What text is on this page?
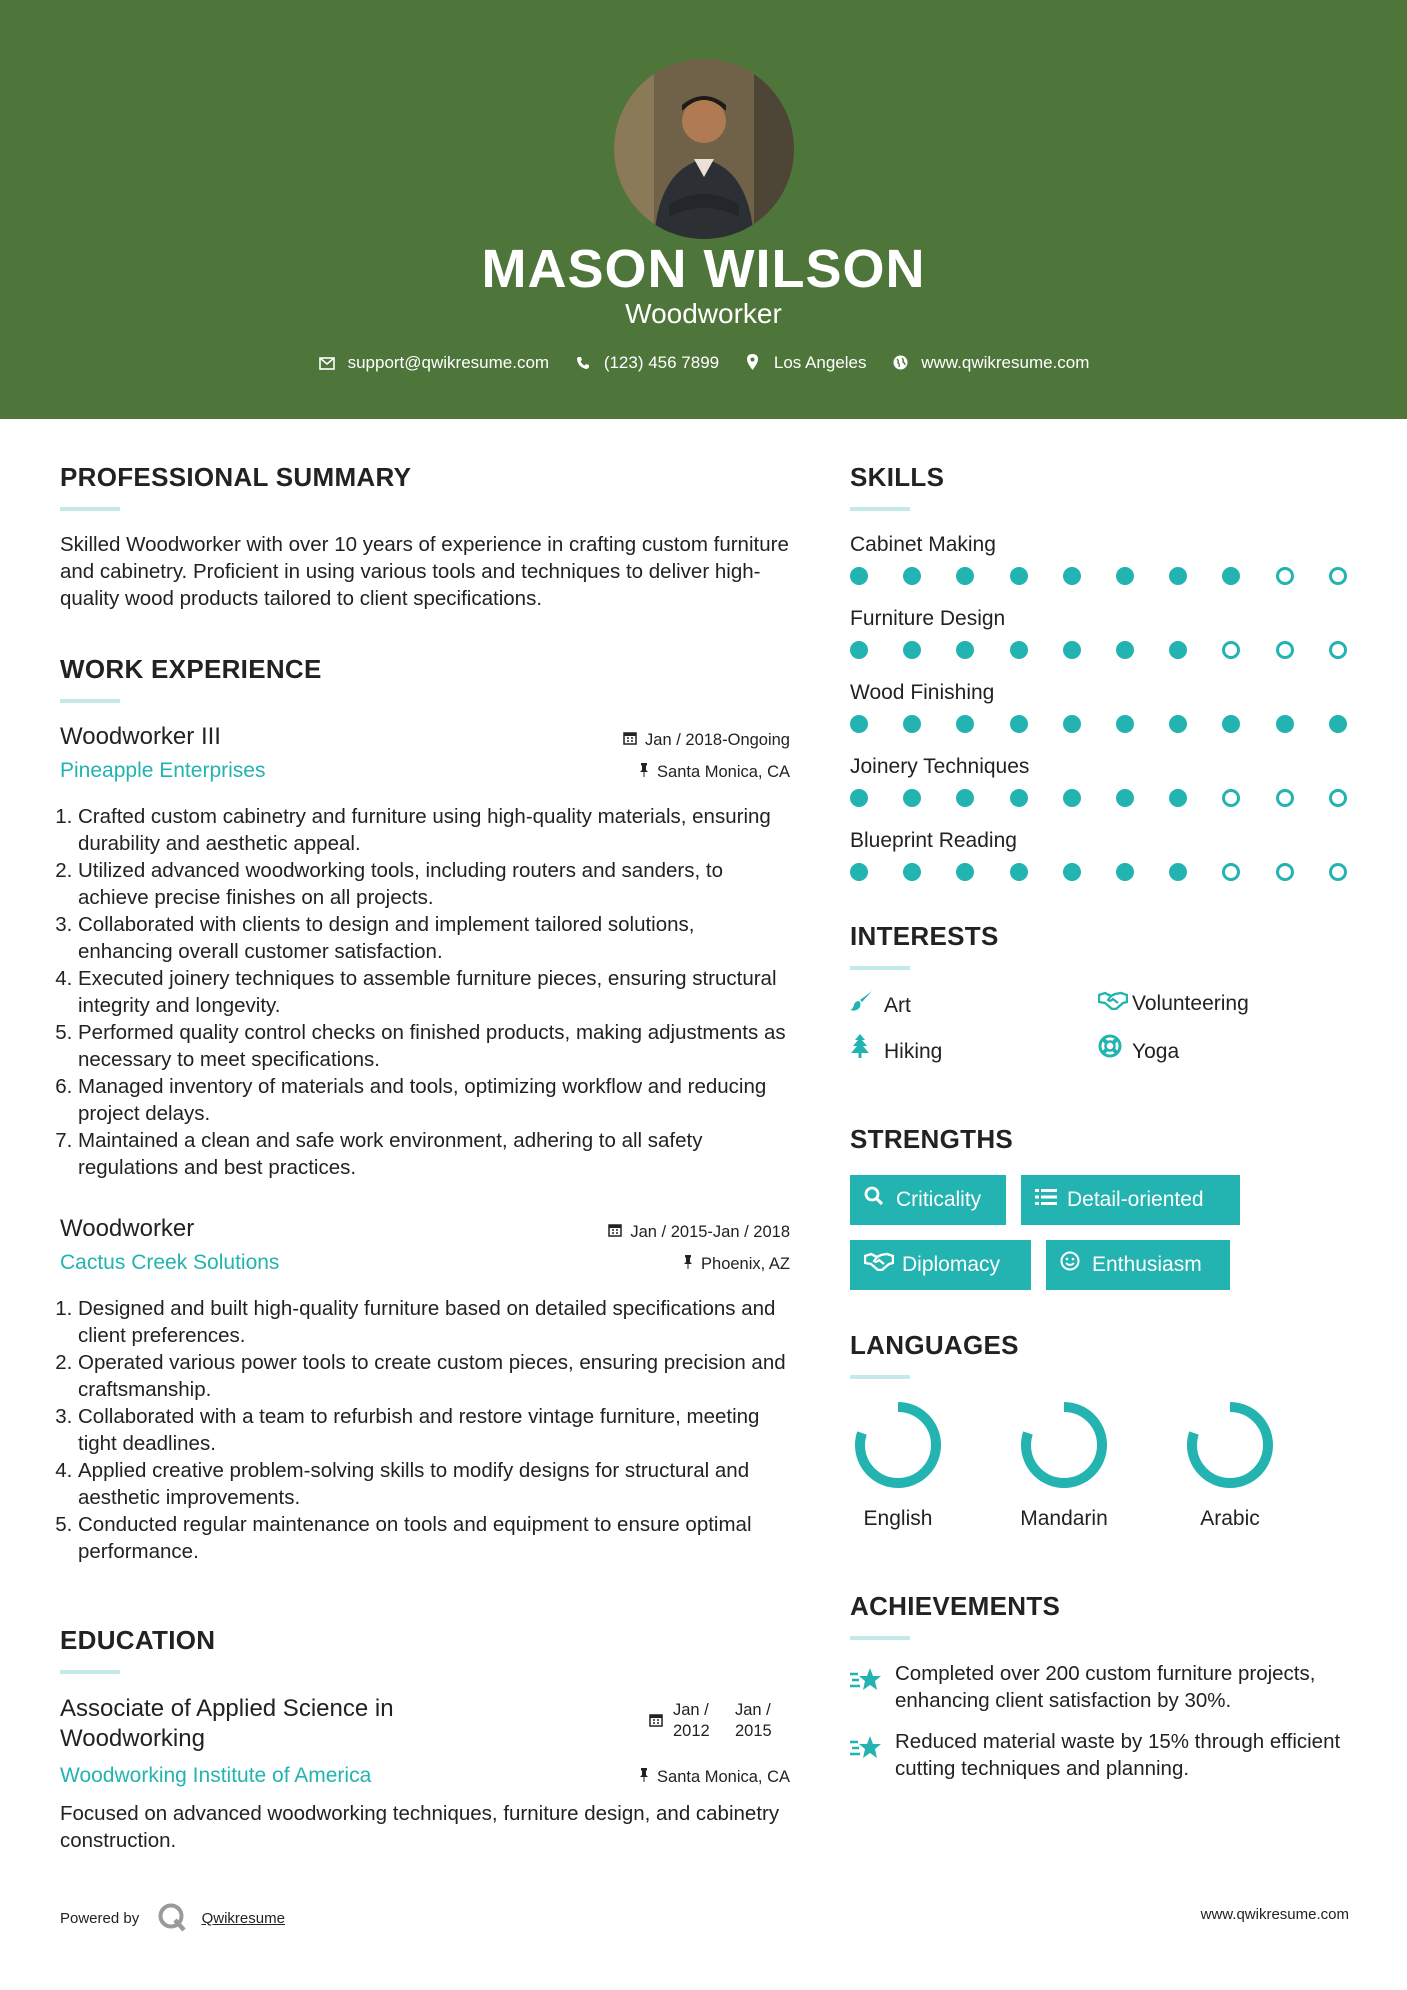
MASON WILSON
Woodworker
support@qwikresume.com	(123) 456 7899	Los Angeles	www.qwikresume.com
PROFESSIONAL SUMMARY
Skilled Woodworker with over 10 years of experience in crafting custom furniture and cabinetry. Proficient in using various tools and techniques to deliver high-quality wood products tailored to client specifications.
WORK EXPERIENCE
Woodworker III	Jan / 2018-Ongoing
Pineapple Enterprises	Santa Monica, CA
1. Crafted custom cabinetry and furniture using high-quality materials, ensuring durability and aesthetic appeal.
2. Utilized advanced woodworking tools, including routers and sanders, to achieve precise finishes on all projects.
3. Collaborated with clients to design and implement tailored solutions, enhancing overall customer satisfaction.
4. Executed joinery techniques to assemble furniture pieces, ensuring structural integrity and longevity.
5. Performed quality control checks on finished products, making adjustments as necessary to meet specifications.
6. Managed inventory of materials and tools, optimizing workflow and reducing project delays.
7. Maintained a clean and safe work environment, adhering to all safety regulations and best practices.
Woodworker	Jan / 2015-Jan / 2018
Cactus Creek Solutions	Phoenix, AZ
1. Designed and built high-quality furniture based on detailed specifications and client preferences.
2. Operated various power tools to create custom pieces, ensuring precision and craftsmanship.
3. Collaborated with a team to refurbish and restore vintage furniture, meeting tight deadlines.
4. Applied creative problem-solving skills to modify designs for structural and aesthetic improvements.
5. Conducted regular maintenance on tools and equipment to ensure optimal performance.
EDUCATION
Associate of Applied Science in
Woodworking
Jan /
2012
Jan /
2015
Woodworking Institute of America	Santa Monica, CA
Focused on advanced woodworking techniques, furniture design, and cabinetry construction.
SKILLS
Cabinet Making
Furniture Design
Wood Finishing
Joinery Techniques
Blueprint Reading
INTERESTS
Art	Volunteering
Hiking	Yoga
STRENGTHS
Criticality	Detail-oriented
Diplomacy	Enthusiasm
LANGUAGES
English	Mandarin	Arabic
ACHIEVEMENTS
Completed over 200 custom furniture projects, enhancing client satisfaction by 30%.
Reduced material waste by 15% through efficient cutting techniques and planning.
Powered by	Qwikresume	www.qwikresume.com
